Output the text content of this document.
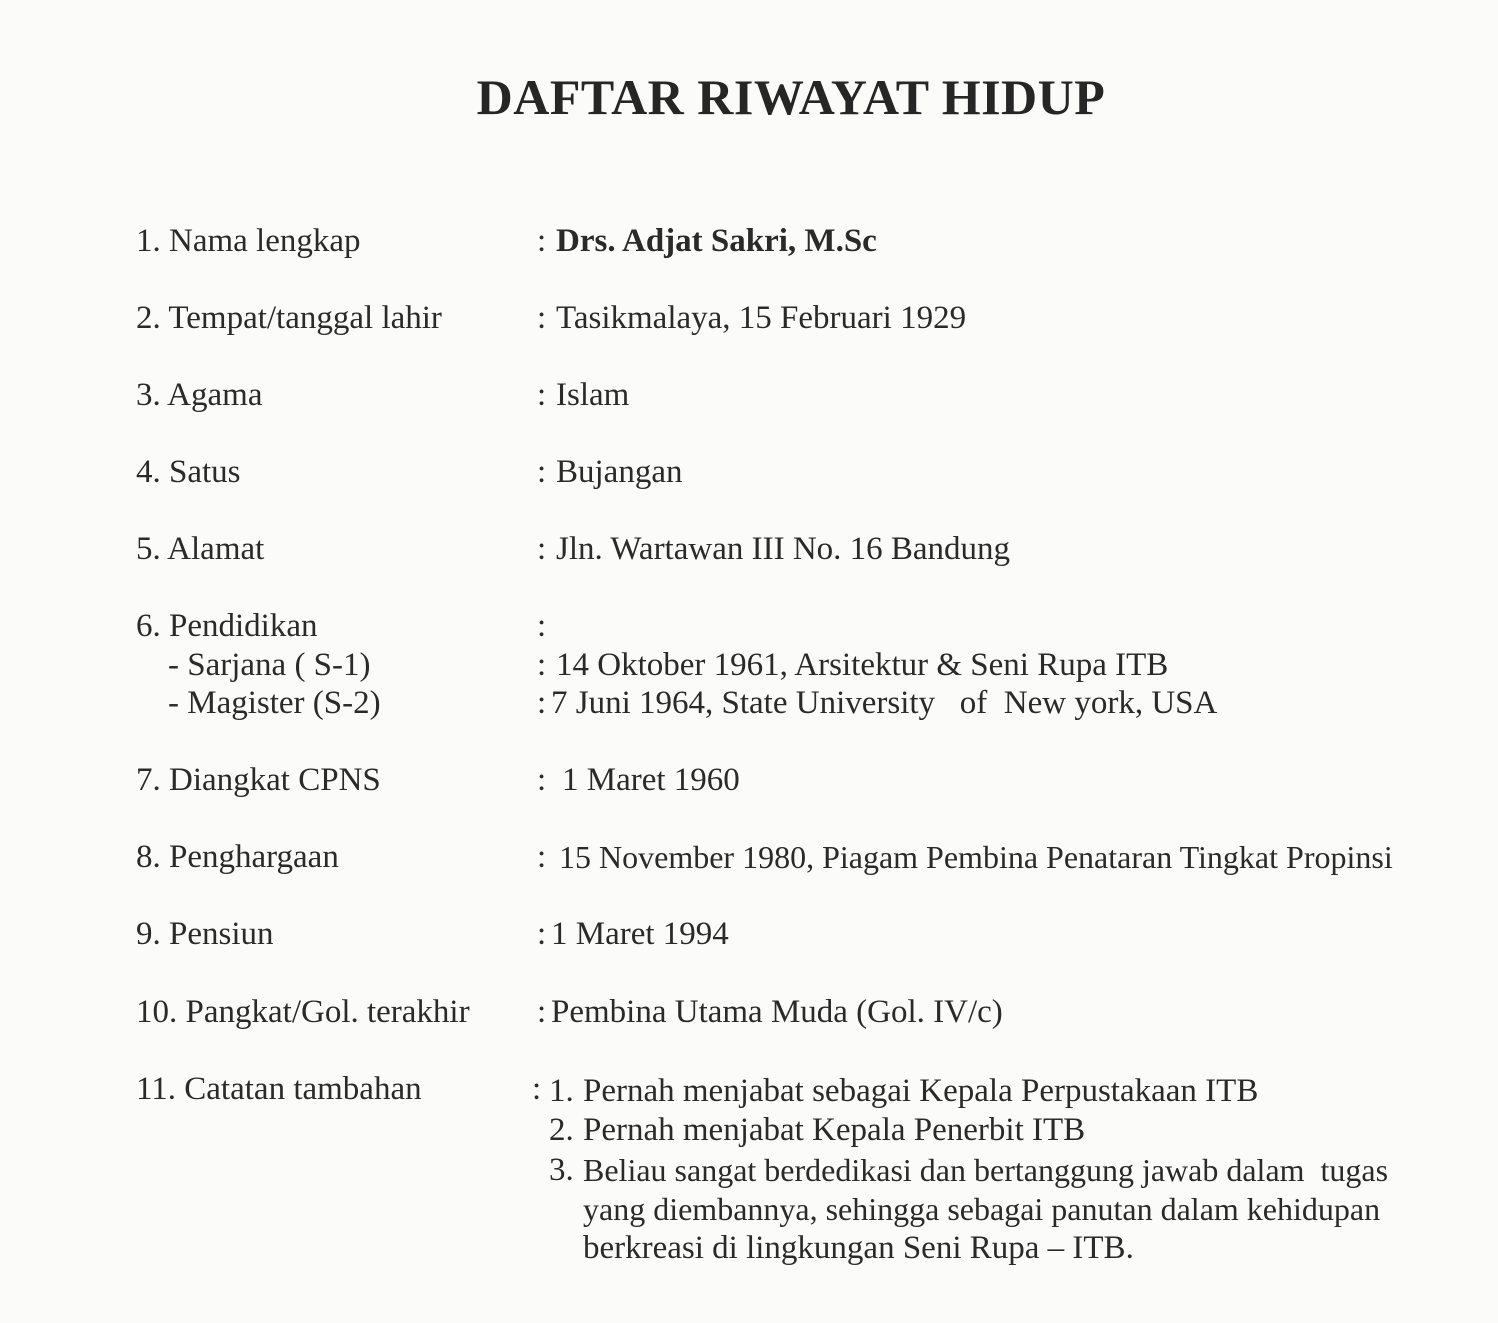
DAFTAR RIWAYAT HIDUP
1. Nama lengkap	: Drs. Adjat Sakri, M.Sc
2. Tempat/tanggal lahir	: Tasikmalaya, 15 Februari 1929
3. Agama	: Islam
4. Satus	: Bujangan
5. Alamat	: Jln. Wartawan III No. 16 Bandung
6. Pendidikan	:
- Sarjana ( S-1)	: 14 Oktober 1961, Arsitektur & Seni Rupa ITB
- Magister (S-2)	: 7 Juni 1964, State University   of  New york, USA
7. Diangkat CPNS	: 1 Maret 1960
8. Penghargaan	: 15 November 1980, Piagam Pembina Penataran Tingkat Propinsi
9. Pensiun	: 1 Maret 1994
10. Pangkat/Gol. terakhir : Pembina Utama Muda (Gol. IV/c)
11. Catatan tambahan	: 1. Pernah menjabat sebagai Kepala Perpustakaan ITB
2. Pernah menjabat Kepala Penerbit ITB
3. Beliau sangat berdedikasi dan bertanggung jawab dalam  tugas
yang diembannya, sehingga sebagai panutan dalam kehidupan
berkreasi di lingkungan Seni Rupa – ITB.
